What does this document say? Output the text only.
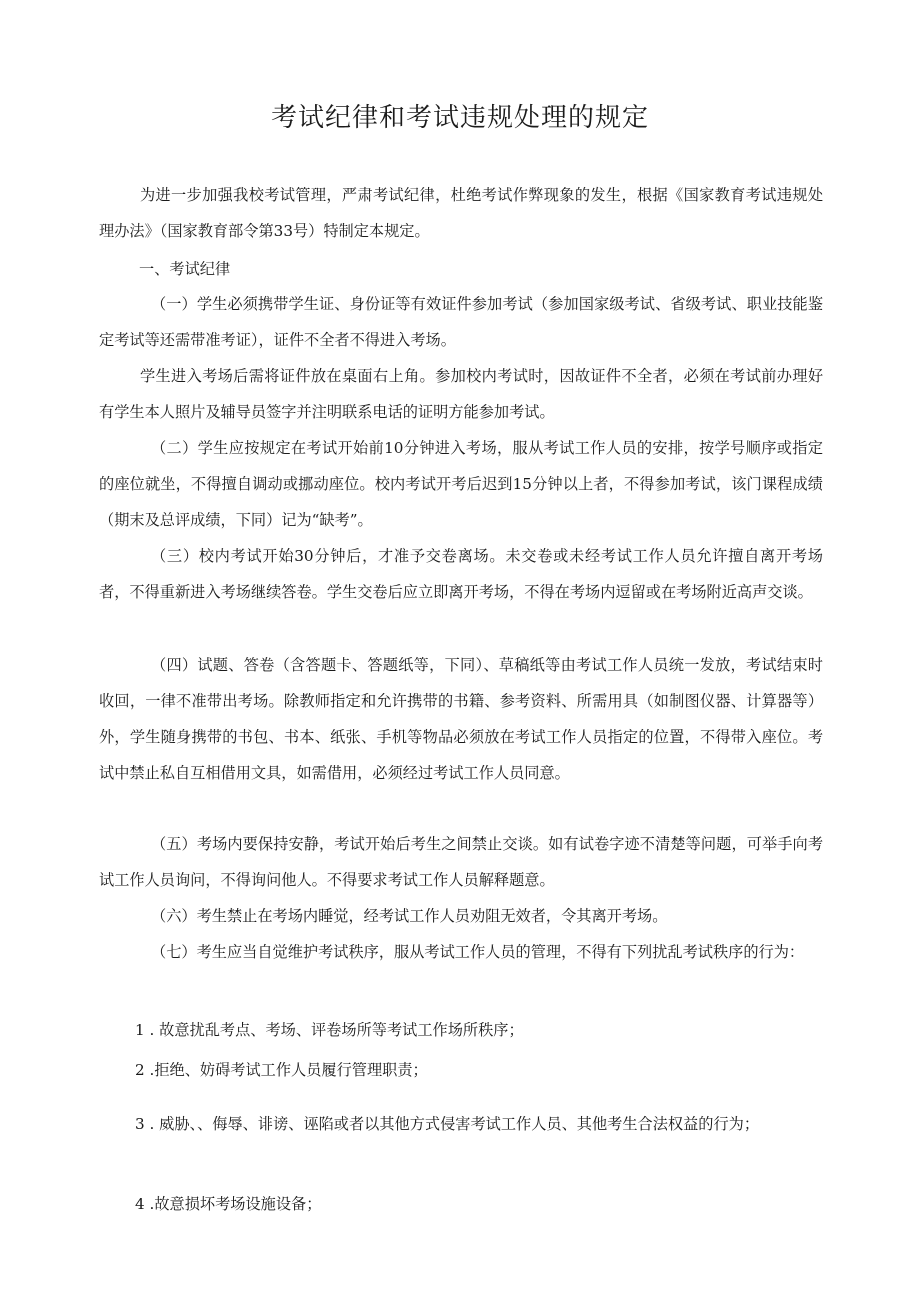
考试纪律和考试违规处理的规定

为进一步加强我校考试管理，严肃考试纪律，杜绝考试作弊现象的发生，根据《国家教育考试违规处理办法》（国家教育部令第33号）特制定本规定。

一、考试纪律

（一）学生必须携带学生证、身份证等有效证件参加考试（参加国家级考试、省级考试、职业技能鉴定考试等还需带准考证），证件不全者不得进入考场。

学生进入考场后需将证件放在桌面右上角。参加校内考试时，因故证件不全者，必须在考试前办理好有学生本人照片及辅导员签字并注明联系电话的证明方能参加考试。

（二）学生应按规定在考试开始前10分钟进入考场，服从考试工作人员的安排，按学号顺序或指定的座位就坐，不得擅自调动或挪动座位。校内考试开考后迟到15分钟以上者，不得参加考试，该门课程成绩（期末及总评成绩，下同）记为“缺考”。

（三）校内考试开始30分钟后，才准予交卷离场。未交卷或未经考试工作人员允许擅自离开考场者，不得重新进入考场继续答卷。学生交卷后应立即离开考场，不得在考场内逗留或在考场附近高声交谈。

（四）试题、答卷（含答题卡、答题纸等，下同）、草稿纸等由考试工作人员统一发放，考试结束时收回，一律不准带出考场。除教师指定和允许携带的书籍、参考资料、所需用具（如制图仪器、计算器等）外，学生随身携带的书包、书本、纸张、手机等物品必须放在考试工作人员指定的位置，不得带入座位。考试中禁止私自互相借用文具，如需借用，必须经过考试工作人员同意。

（五）考场内要保持安静，考试开始后考生之间禁止交谈。如有试卷字迹不清楚等问题，可举手向考试工作人员询问，不得询问他人。不得要求考试工作人员解释题意。

（六）考生禁止在考场内睡觉，经考试工作人员劝阻无效者，令其离开考场。

（七）考生应当自觉维护考试秩序，服从考试工作人员的管理，不得有下列扰乱考试秩序的行为：

1 . 故意扰乱考点、考场、评卷场所等考试工作场所秩序；

2 .拒绝、妨碍考试工作人员履行管理职责；

3 . 威胁、、侮辱、诽谤、诬陷或者以其他方式侵害考试工作人员、其他考生合法权益的行为；

4 .故意损坏考场设施设备；
